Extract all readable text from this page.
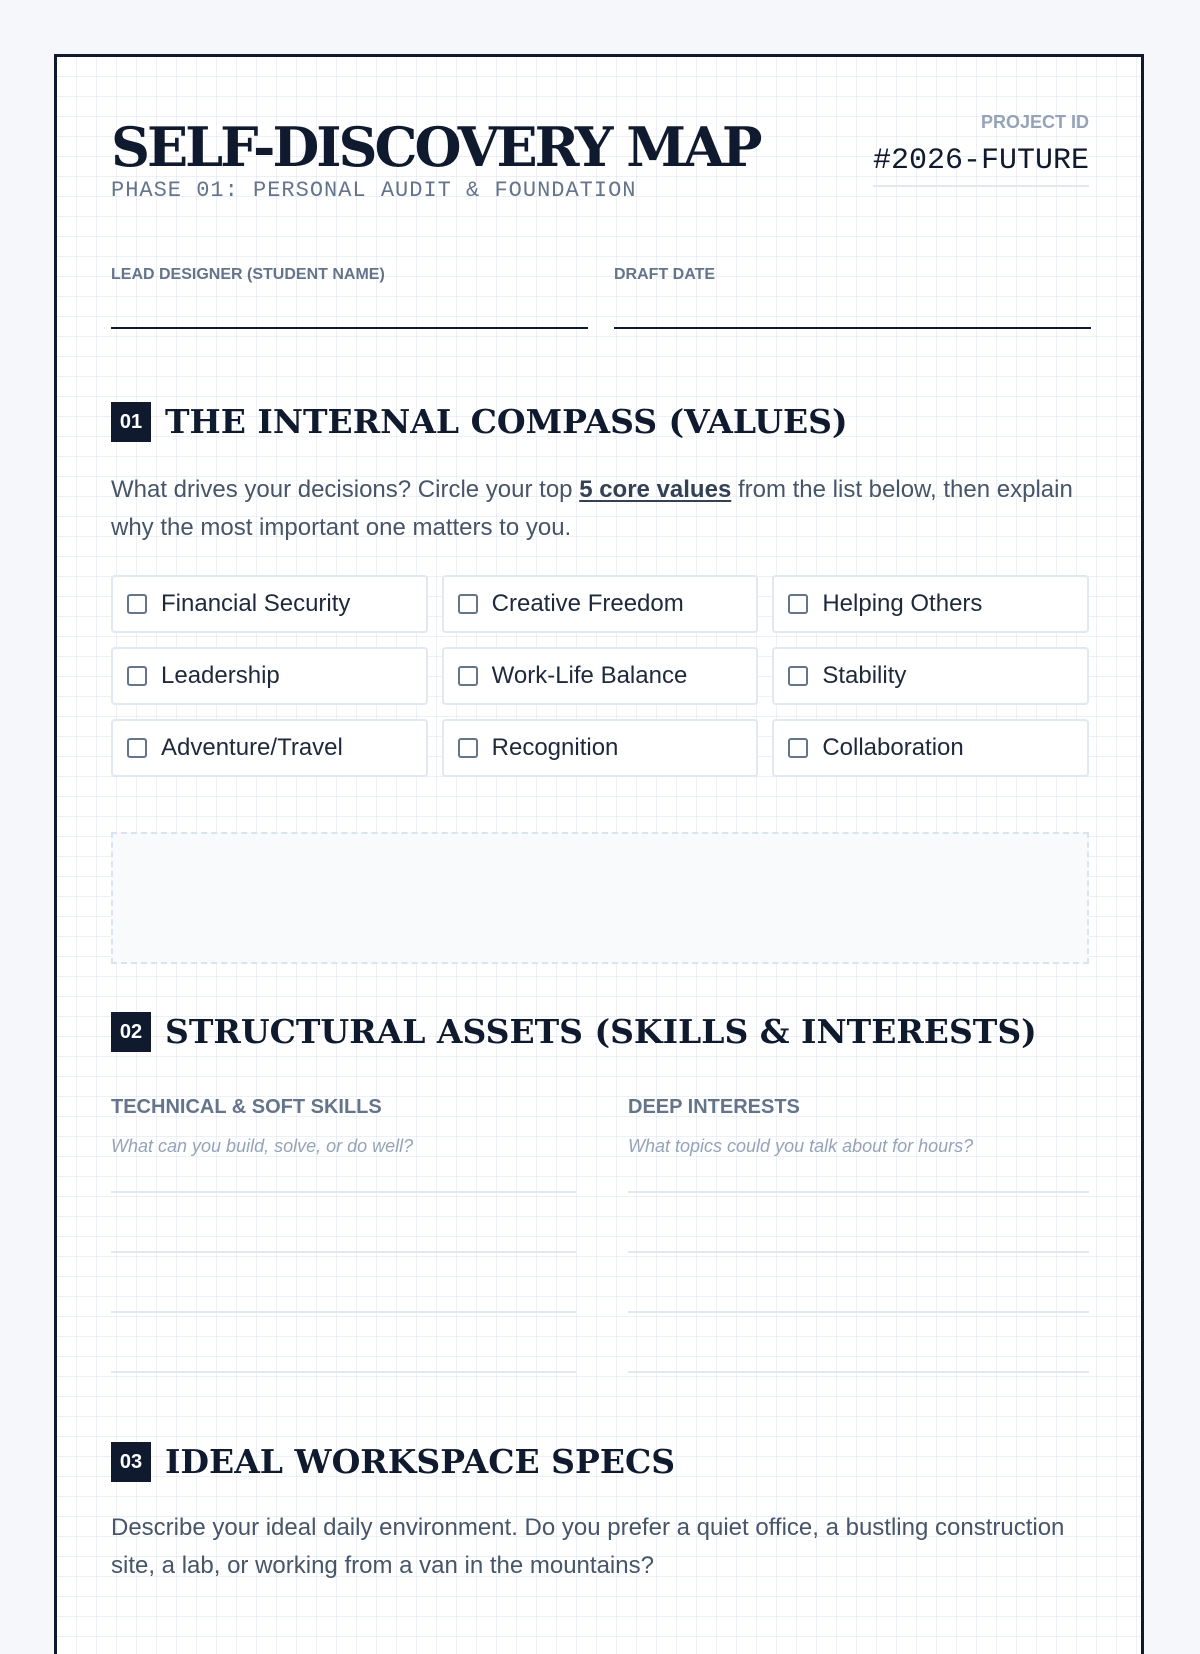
SELF-DISCOVERY MAP
PHASE 01: PERSONAL AUDIT & FOUNDATION
PROJECT ID
#2026-FUTURE
LEAD DESIGNER (STUDENT NAME)	DRAFT DATE
01 THE INTERNAL COMPASS (VALUES)

What drives your decisions? Circle your top 5 core values from the list below, then explain why the most important one matters to you.

Financial Security	Creative Freedom	Helping Others
Leadership	Work-Life Balance	Stability
Adventure/Travel	Recognition	Collaboration
02 STRUCTURAL ASSETS (SKILLS & INTERESTS)
TECHNICAL & SOFT SKILLS
What can you build, solve, or do well?
DEEP INTERESTS
What topics could you talk about for hours?
03 IDEAL WORKSPACE SPECS

Describe your ideal daily environment. Do you prefer a quiet office, a bustling construction site, a lab, or working from a van in the mountains?
